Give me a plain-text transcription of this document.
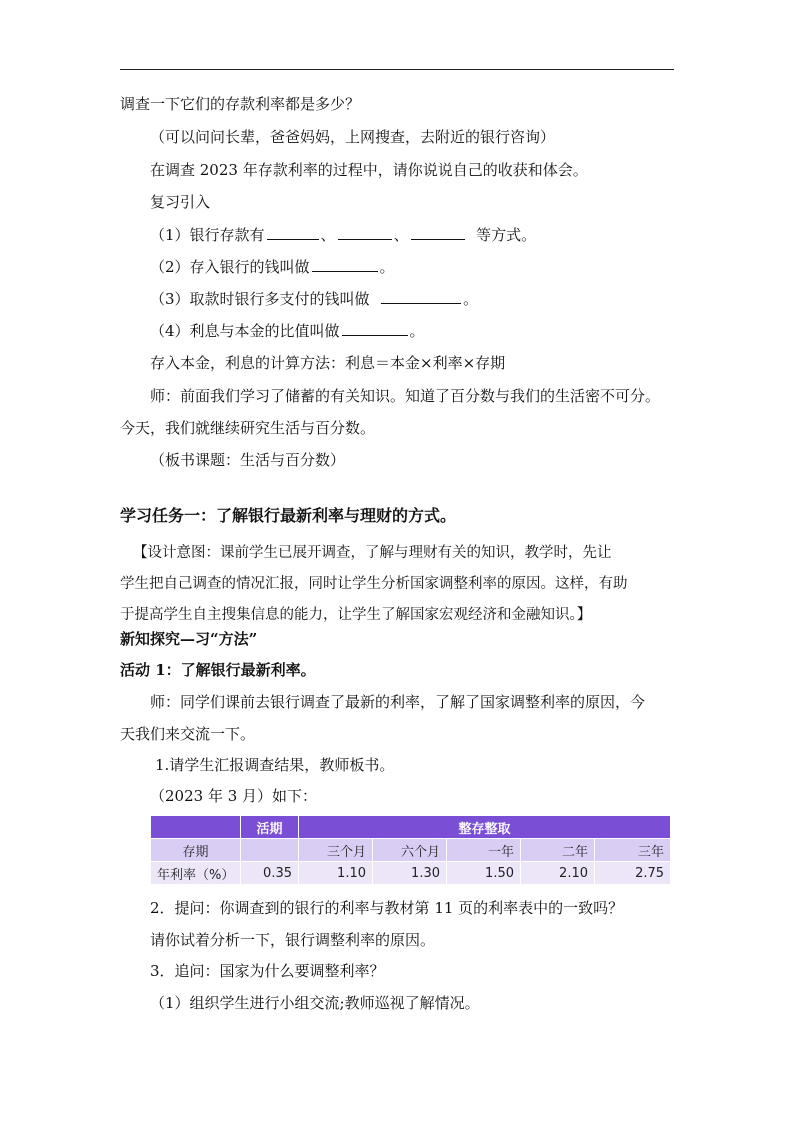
调查一下它们的存款利率都是多少？
（可以问问长辈，爸爸妈妈，上网搜查，去附近的银行咨询）
在调查 2023 年存款利率的过程中，请你说说自己的收获和体会。
复习引入
（1）银行存款有	、	、	等方式。
（2）存入银行的钱叫做	。
（3）取款时银行多支付的钱叫做	。
（4）利息与本金的比值叫做	。
存入本金，利息的计算方法：利息＝本金×利率×存期
师：前面我们学习了储蓄的有关知识。知道了百分数与我们的生活密不可分。
今天，我们就继续研究生活与百分数。
（板书课题：生活与百分数）
学习任务一：了解银行最新利率与理财的方式。
【设计意图：课前学生已展开调查，了解与理财有关的知识，教学时，先让
学生把自己调查的情况汇报，同时让学生分析国家调整利率的原因。这样，有助
于提高学生自主搜集信息的能力，让学生了解国家宏观经济和金融知识。】
新知探究—习“方法”
活动 1：了解银行最新利率。
师：同学们课前去银行调查了最新的利率，了解了国家调整利率的原因，今
天我们来交流一下。
1.请学生汇报调查结果，教师板书。
（2023 年 3 月）如下：
	活期	整存整取				
存期		三个月	六个月	一年	二年	三年
年利率（%）	0.35	1.10	1.30	1.50	2.10	2.75
2．提问：你调查到的银行的利率与教材第 11 页的利率表中的一致吗？
请你试着分析一下，银行调整利率的原因。
3．追问：国家为什么要调整利率？
（1）组织学生进行小组交流;教师巡视了解情况。
